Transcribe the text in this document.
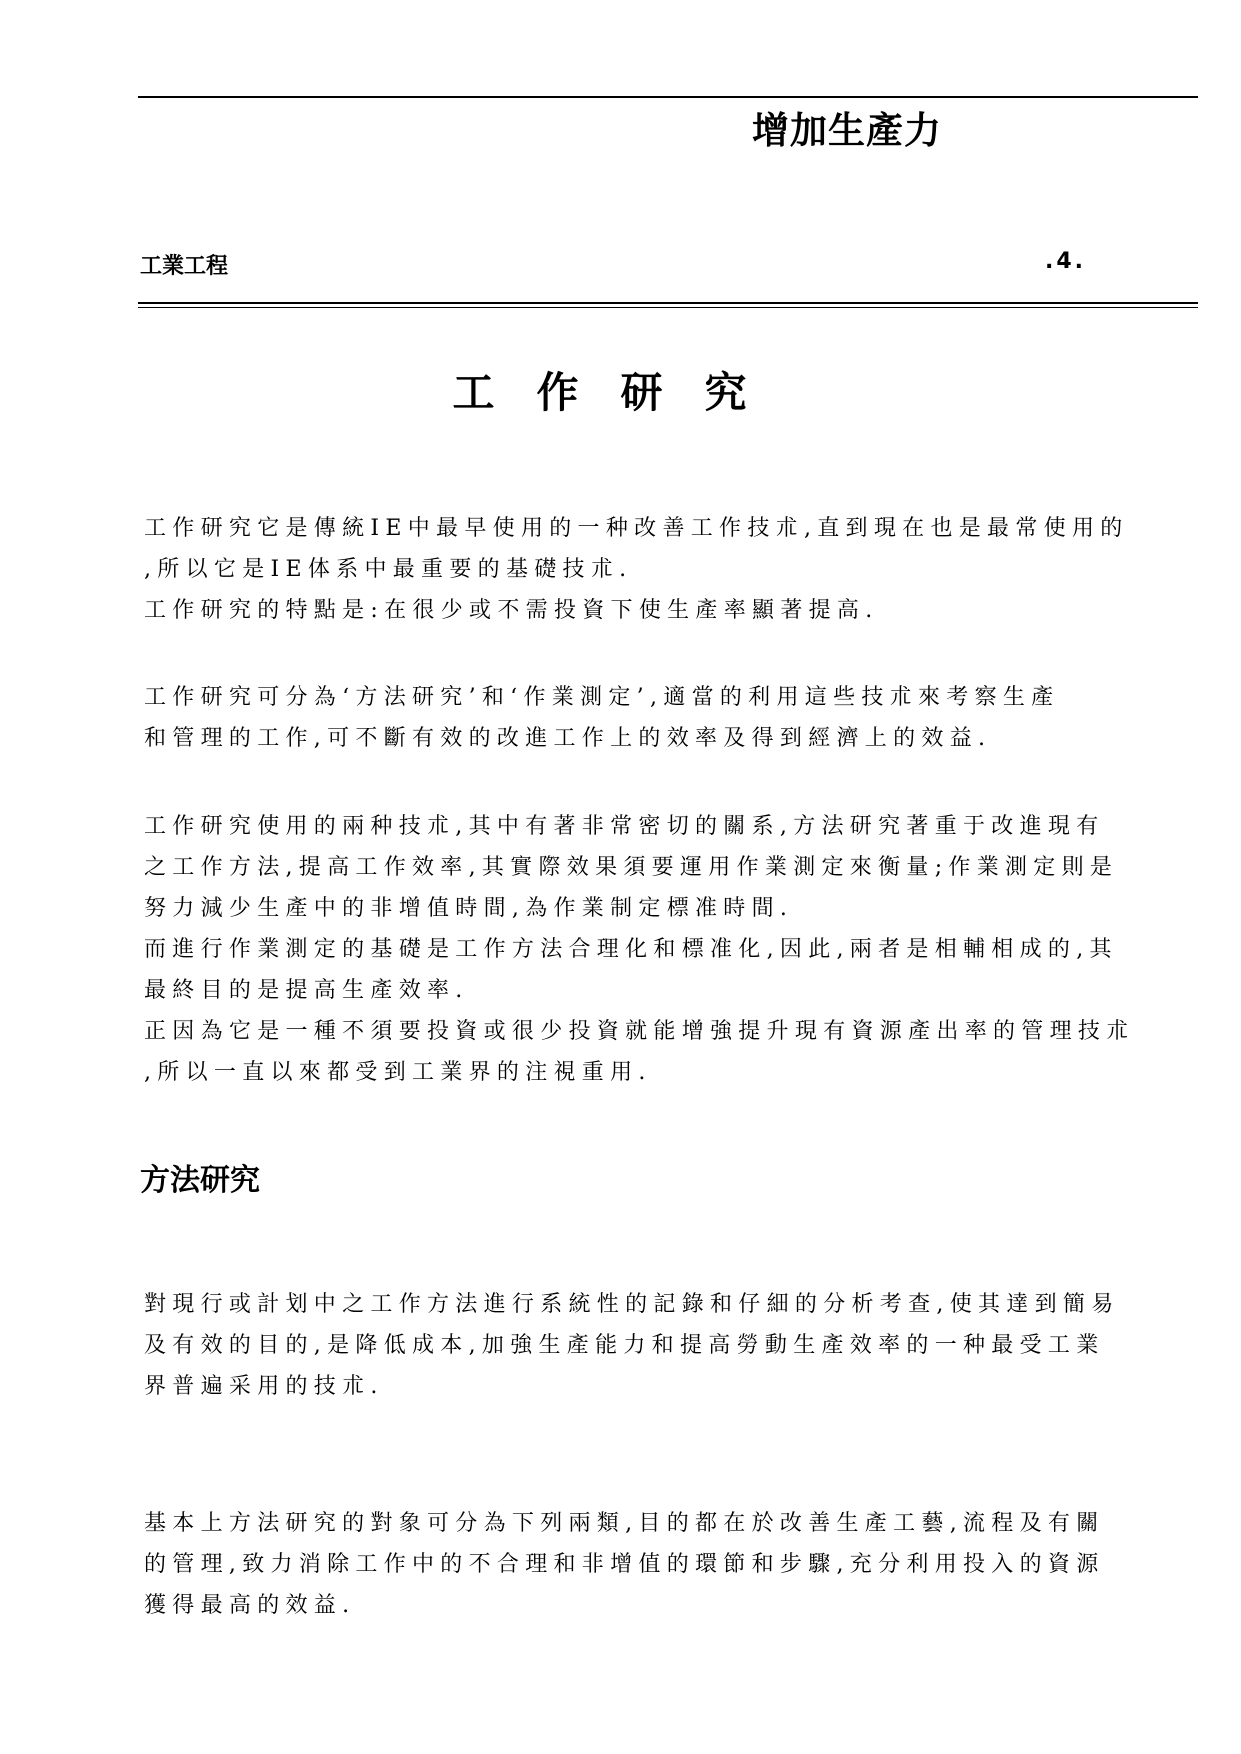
增加生產力
工業工程	.4.
工作研究
工作研究它是傳統IE中最早使用的一种改善工作技朮,直到現在也是最常使用的
,所以它是IE体系中最重要的基礎技朮.
工作研究的特點是:在很少或不需投資下使生產率顯著提高.
工作研究可分為‘方法研究’和‘作業測定’,適當的利用這些技朮來考察生產
和管理的工作,可不斷有效的改進工作上的效率及得到經濟上的效益.
工作研究使用的兩种技朮,其中有著非常密切的關系,方法研究著重于改進現有
之工作方法,提高工作效率,其實際效果須要運用作業測定來衡量;作業測定則是
努力減少生產中的非增值時間,為作業制定標准時間.
而進行作業測定的基礎是工作方法合理化和標准化,因此,兩者是相輔相成的,其
最終目的是提高生產效率.
正因為它是一種不須要投資或很少投資就能增強提升現有資源產出率的管理技朮
,所以一直以來都受到工業界的注視重用.
方法研究
對現行或計划中之工作方法進行系統性的記錄和仔細的分析考查,使其達到簡易
及有效的目的,是降低成本,加強生產能力和提高勞動生產效率的一种最受工業
界普遍采用的技朮.
基本上方法研究的對象可分為下列兩類,目的都在於改善生產工藝,流程及有關
的管理,致力消除工作中的不合理和非增值的環節和步驟,充分利用投入的資源
獲得最高的效益.
